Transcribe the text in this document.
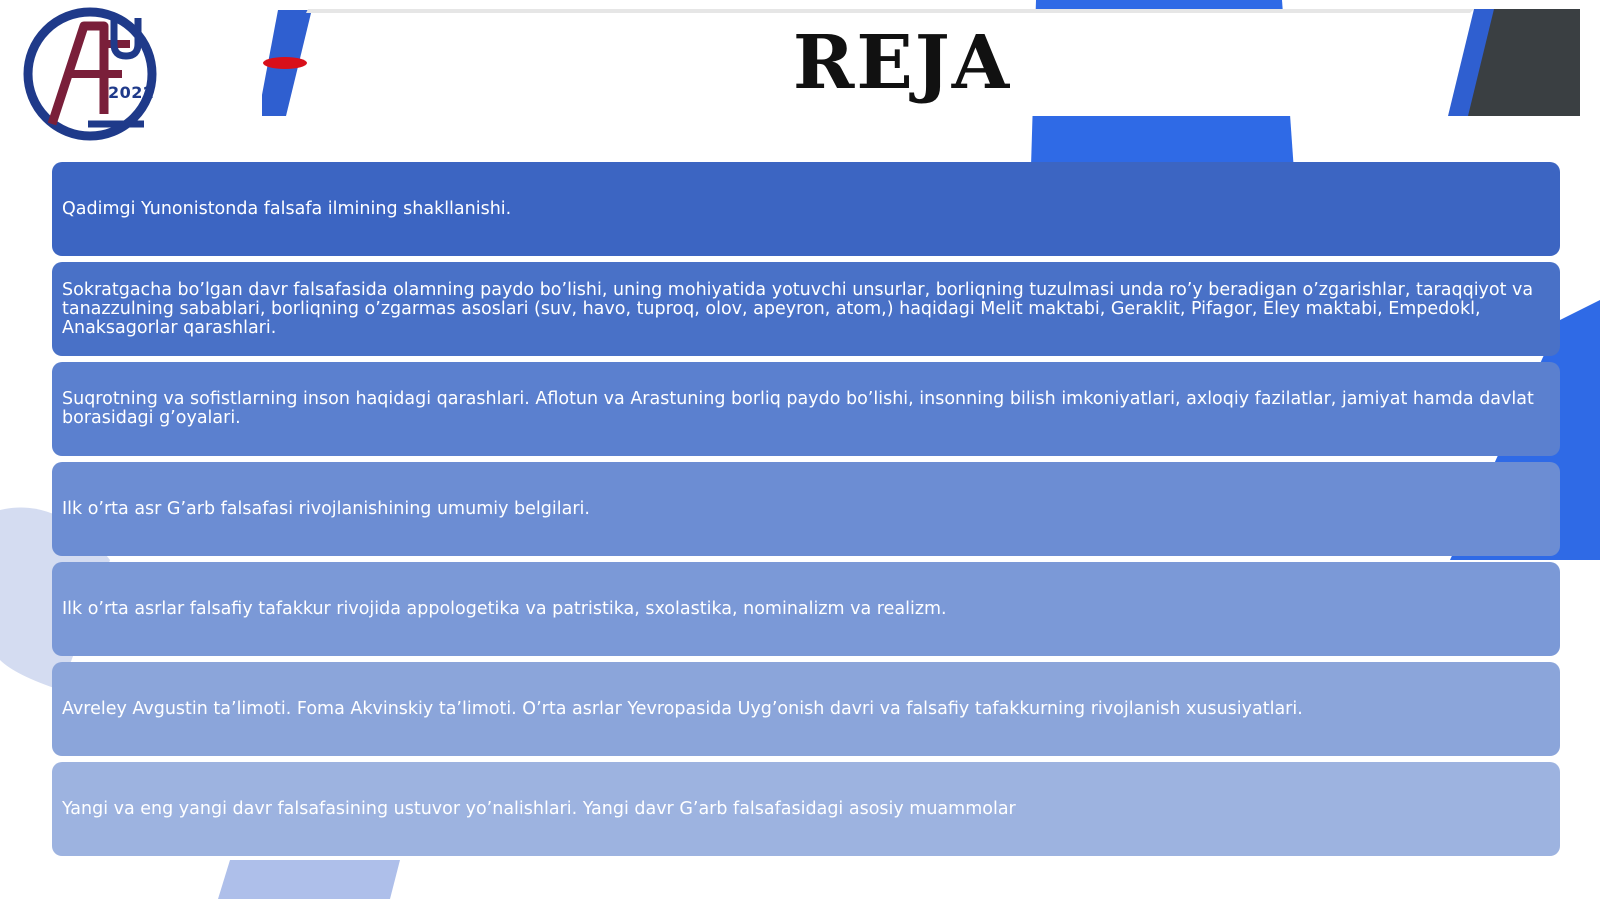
2022	REJA
Qadimgi Yunonistonda falsafa ilmining shakllanishi.
Sokratgacha bo’lgan davr falsafasida olamning paydo bo’lishi, uning mohiyatida yotuvchi unsurlar, borliqning tuzulmasi unda ro’y beradigan o’zgarishlar, taraqqiyot va tanazzulning sabablari, borliqning o’zgarmas asoslari (suv, havo, tuproq, olov, apeyron, atom,) haqidagi Melit maktabi, Geraklit, Pifagor, Eley maktabi, Empedokl, Anaksagorlar qarashlari.
Suqrotning va sofistlarning inson haqidagi qarashlari. Aflotun va Arastuning borliq paydo bo’lishi, insonning bilish imkoniyatlari, axloqiy fazilatlar, jamiyat hamda davlat borasidagi g’oyalari.
Ilk o’rta asr G’arb falsafasi rivojlanishining umumiy belgilari.
Ilk o’rta asrlar falsafiy tafakkur rivojida appologetika va patristika, sxolastika, nominalizm va realizm.
Avreley Avgustin ta’limoti. Foma Akvinskiy ta’limoti. O’rta asrlar Yevropasida Uyg’onish davri va falsafiy tafakkurning rivojlanish xususiyatlari.
Yangi va eng yangi davr falsafasining ustuvor yo’nalishlari. Yangi davr G’arb falsafasidagi asosiy muammolar
